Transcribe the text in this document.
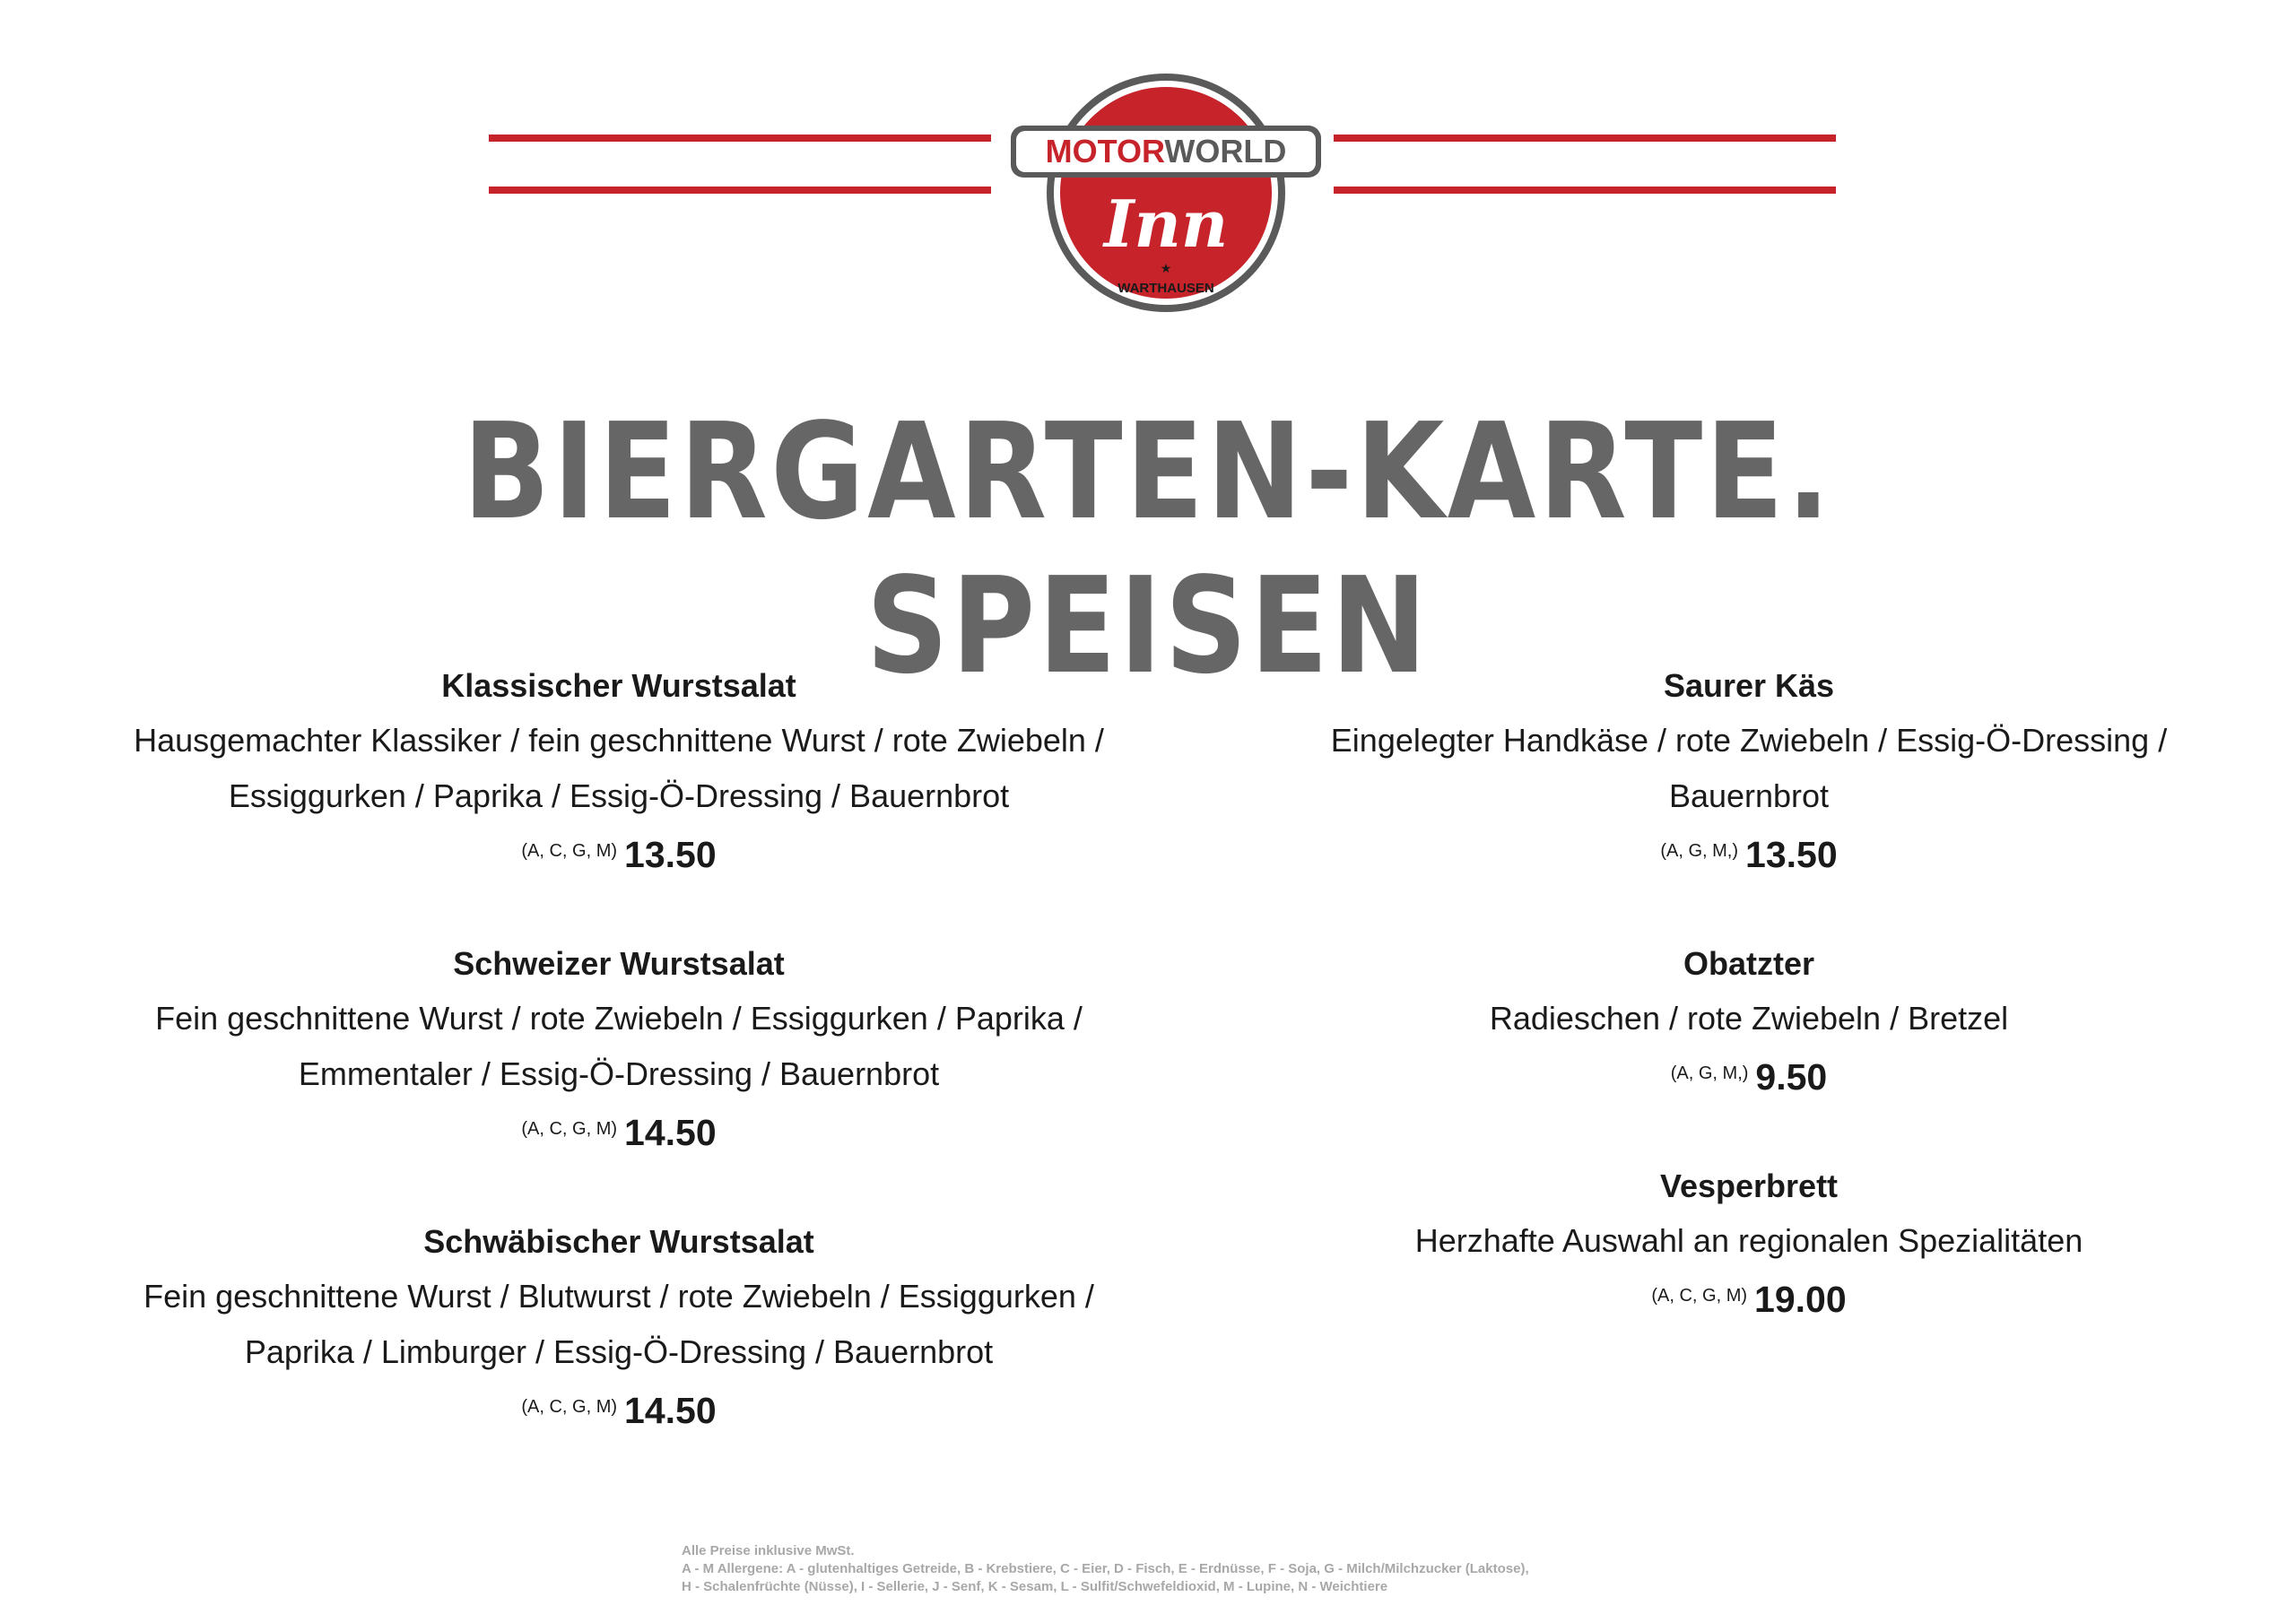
MOTORWORLD
Inn
★
WARTHAUSEN
BIERGARTEN-KARTE. SPEISEN
Klassischer Wurstsalat
Hausgemachter Klassiker / fein geschnittene Wurst / rote Zwiebeln /
Essiggurken / Paprika / Essig-Ö-Dressing / Bauernbrot
(A, C, G, M) 13.50
Schweizer Wurstsalat
Fein geschnittene Wurst / rote Zwiebeln / Essiggurken / Paprika /
Emmentaler / Essig-Ö-Dressing / Bauernbrot
(A, C, G, M) 14.50
Schwäbischer Wurstsalat
Fein geschnittene Wurst / Blutwurst / rote Zwiebeln / Essiggurken /
Paprika / Limburger / Essig-Ö-Dressing / Bauernbrot
(A, C, G, M) 14.50
Saurer Käs
Eingelegter Handkäse / rote Zwiebeln / Essig-Ö-Dressing /
Bauernbrot
(A, G, M,) 13.50
Obatzter
Radieschen / rote Zwiebeln / Bretzel
(A, G, M,) 9.50
Vesperbrett
Herzhafte Auswahl an regionalen Spezialitäten
(A, C, G, M) 19.00
Alle Preise inklusive MwSt.
A - M Allergene: A - glutenhaltiges Getreide, B - Krebstiere, C - Eier, D - Fisch, E - Erdnüsse, F - Soja, G - Milch/Milchzucker (Laktose),
H - Schalenfrüchte (Nüsse), I - Sellerie, J - Senf, K - Sesam, L - Sulfit/Schwefeldioxid, M - Lupine, N - Weichtiere
